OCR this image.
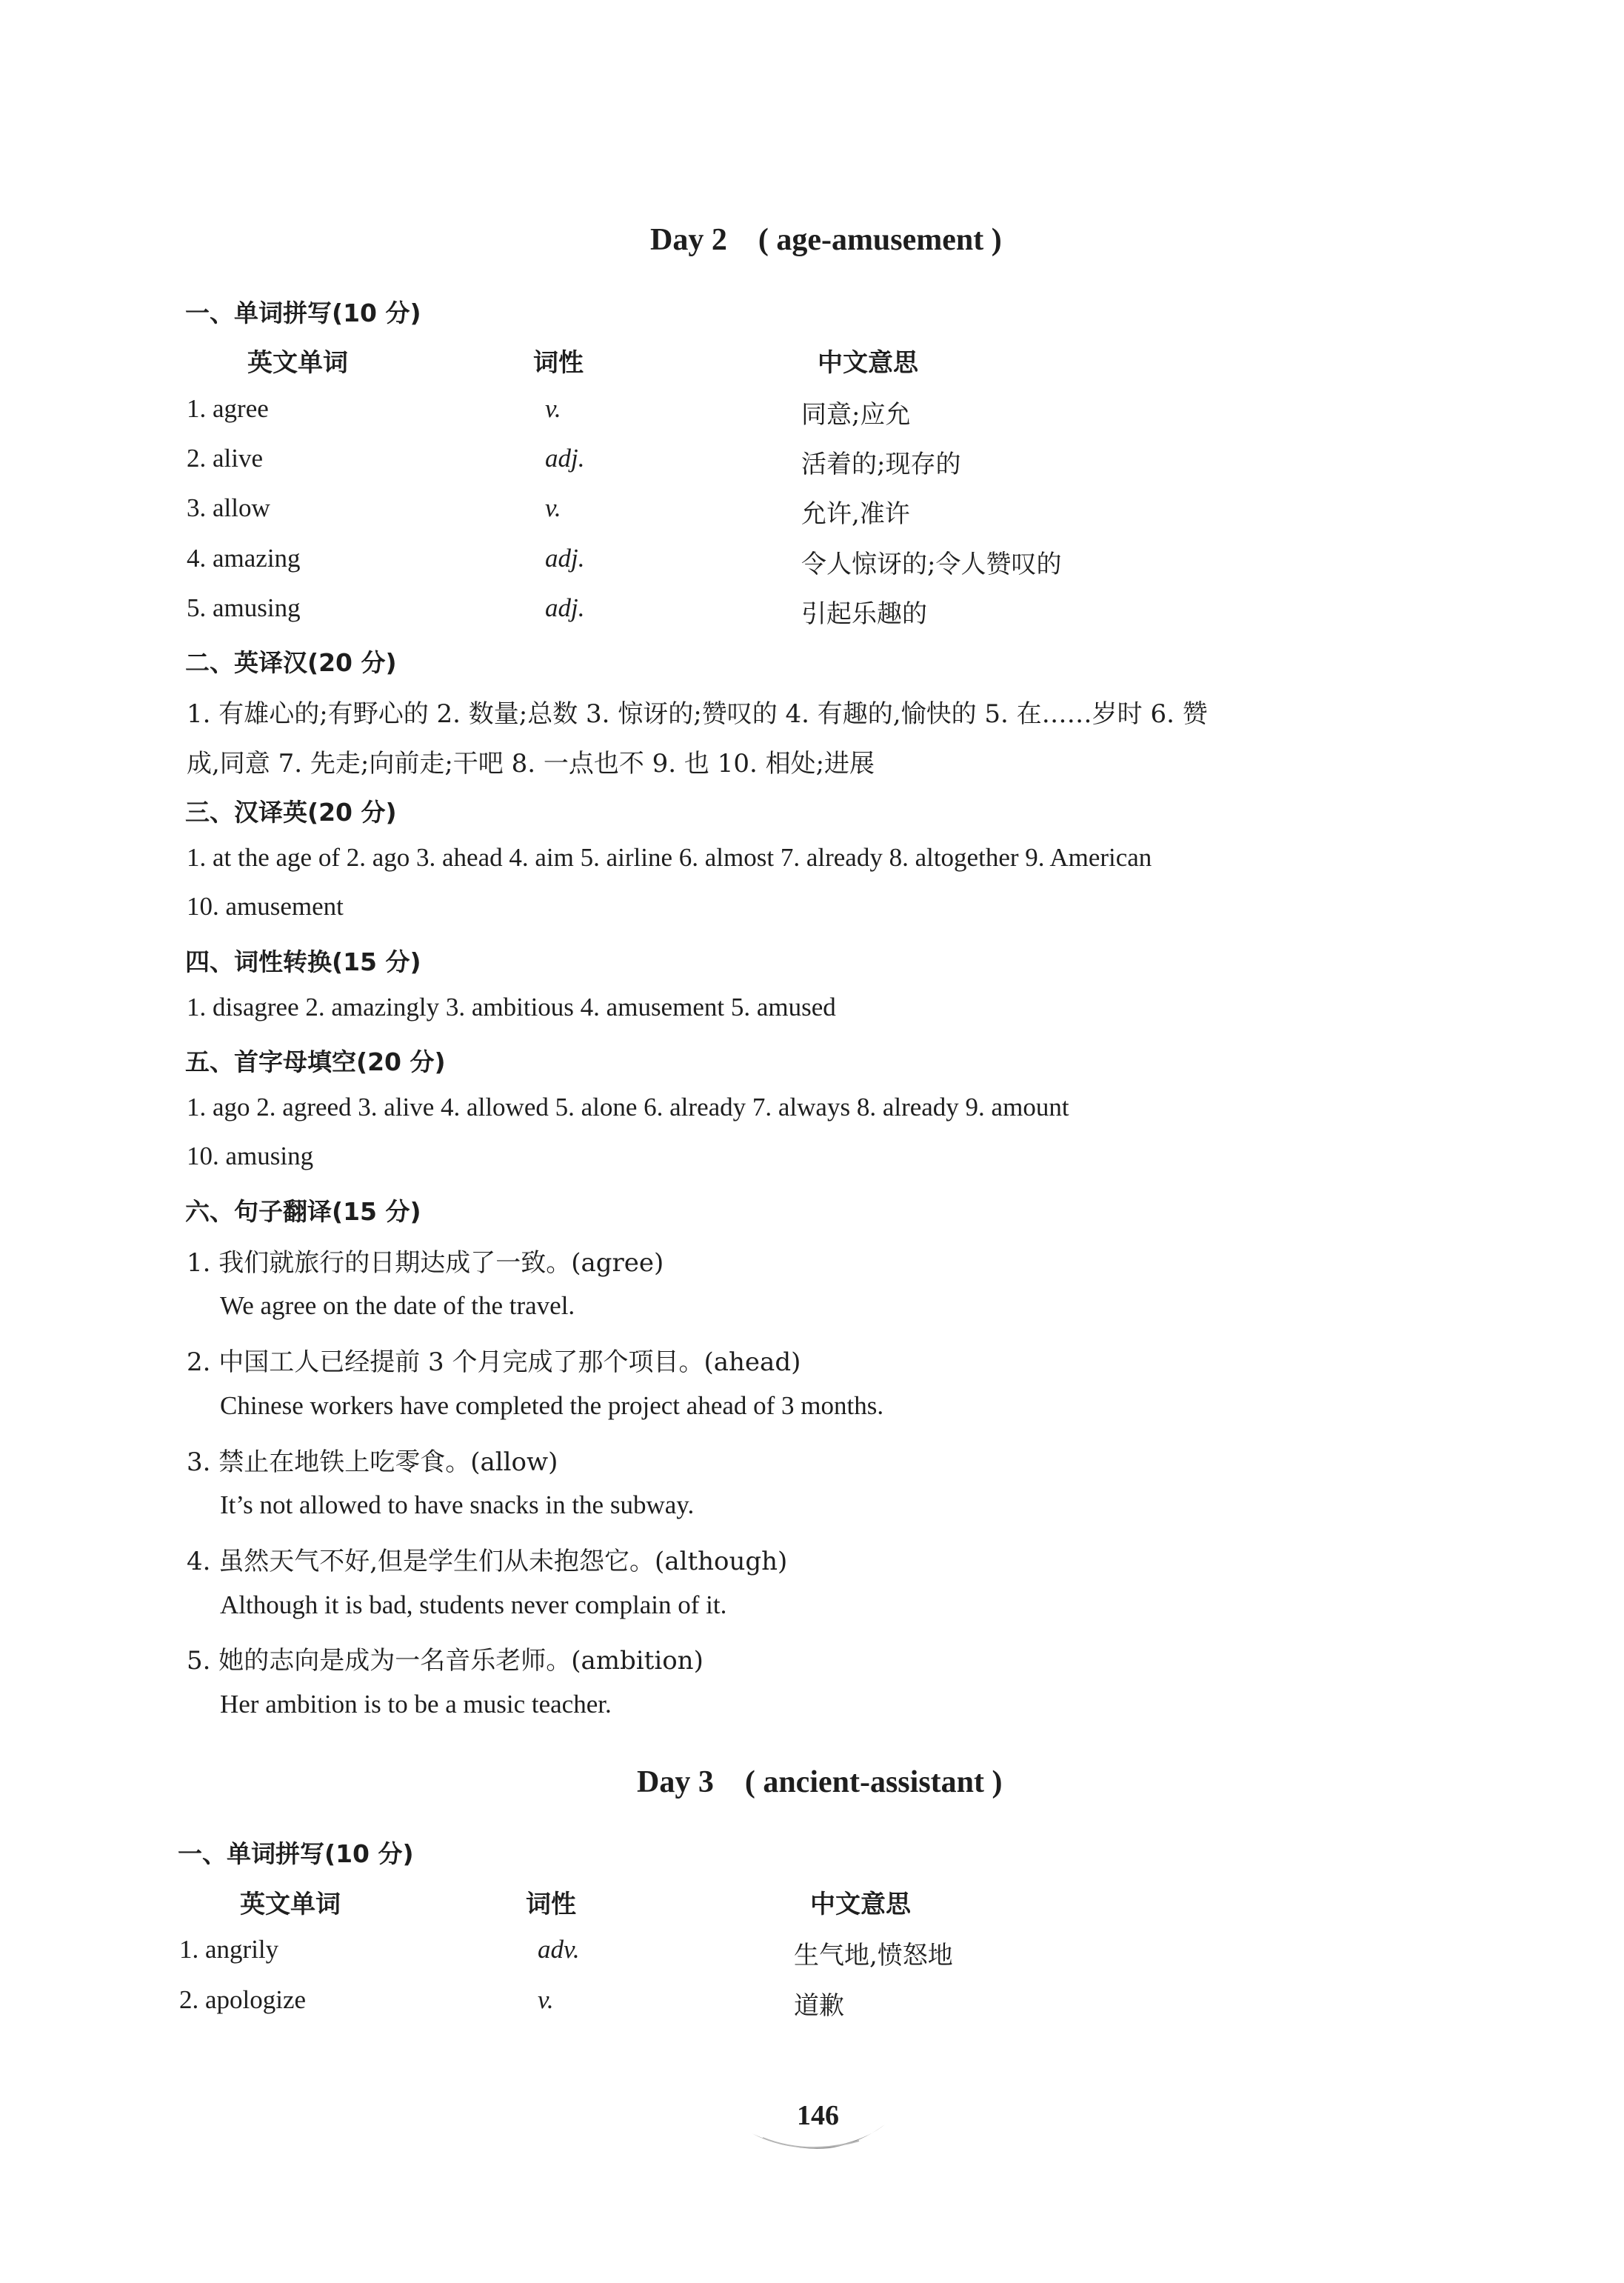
Day 2　( age-amusement )
一、单词拼写(10 分)
英文单词	词性	中文意思
1. agree	v.	同意;应允
2. alive	adj.	活着的;现存的
3. allow	v.	允许,准许
4. amazing	adj.	令人惊讶的;令人赞叹的
5. amusing	adj.	引起乐趣的
二、英译汉(20 分)
1. 有雄心的;有野心的 2. 数量;总数 3. 惊讶的;赞叹的 4. 有趣的,愉快的 5. 在……岁时 6. 赞
成,同意 7. 先走;向前走;干吧 8. 一点也不 9. 也 10. 相处;进展
三、汉译英(20 分)
1. at the age of 2. ago 3. ahead 4. aim 5. airline 6. almost 7. already 8. altogether 9. American
10. amusement
四、词性转换(15 分)
1. disagree 2. amazingly 3. ambitious 4. amusement 5. amused
五、首字母填空(20 分)
1. ago 2. agreed 3. alive 4. allowed 5. alone 6. already 7. always 8. already 9. amount
10. amusing
六、句子翻译(15 分)
1. 我们就旅行的日期达成了一致。(agree)
We agree on the date of the travel.
2. 中国工人已经提前 3 个月完成了那个项目。(ahead)
Chinese workers have completed the project ahead of 3 months.
3. 禁止在地铁上吃零食。(allow)
It’s not allowed to have snacks in the subway.
4. 虽然天气不好,但是学生们从未抱怨它。(although)
Although it is bad, students never complain of it.
5. 她的志向是成为一名音乐老师。(ambition)
Her ambition is to be a music teacher.
Day 3　( ancient-assistant )
一、单词拼写(10 分)
英文单词	词性	中文意思
1. angrily	adv.	生气地,愤怒地
2. apologize	v.	道歉
146
